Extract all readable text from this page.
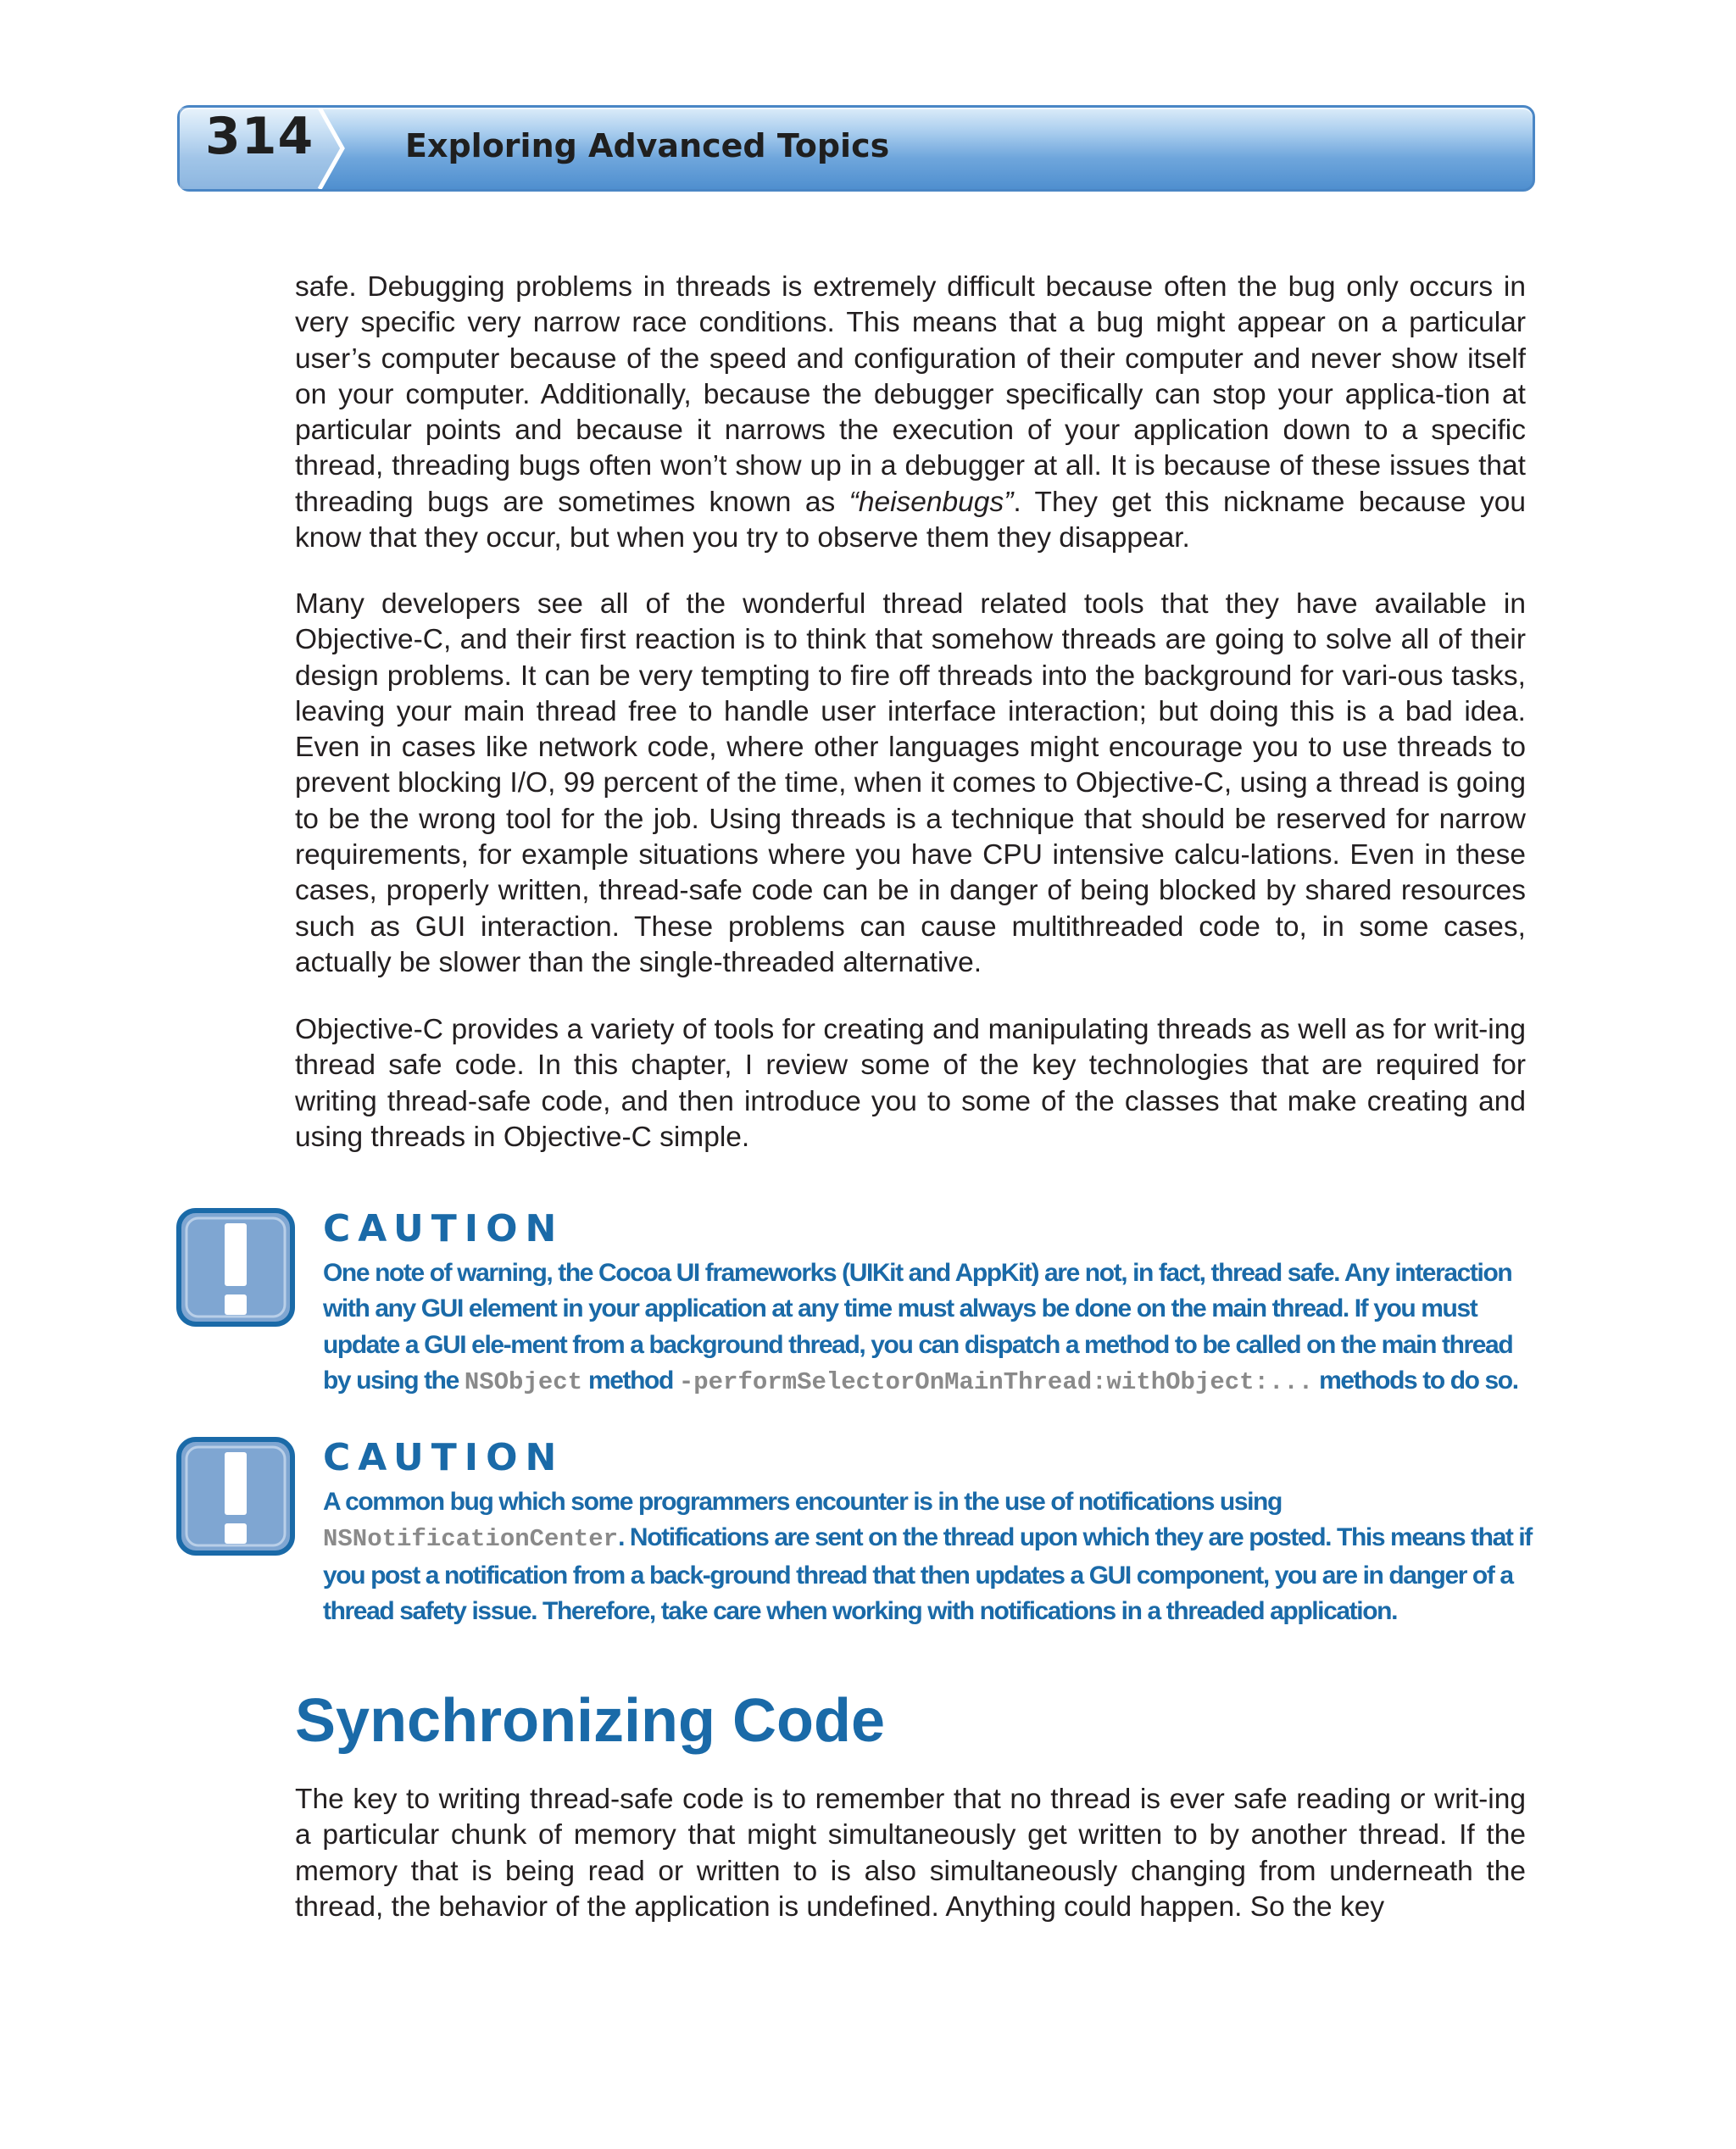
314	Exploring Advanced Topics

safe. Debugging problems in threads is extremely difficult because often the bug only occurs in very specific very narrow race conditions. This means that a bug might appear on a particular user’s computer because of the speed and configuration of their computer and never show itself on your computer. Additionally, because the debugger specifically can stop your applica-tion at particular points and because it narrows the execution of your application down to a specific thread, threading bugs often won’t show up in a debugger at all. It is because of these issues that threading bugs are sometimes known as “heisenbugs”. They get this nickname because you know that they occur, but when you try to observe them they disappear.

Many developers see all of the wonderful thread related tools that they have available in Objective-C, and their first reaction is to think that somehow threads are going to solve all of their design problems. It can be very tempting to fire off threads into the background for vari-ous tasks, leaving your main thread free to handle user interface interaction; but doing this is a bad idea. Even in cases like network code, where other languages might encourage you to use threads to prevent blocking I/O, 99 percent of the time, when it comes to Objective-C, using a thread is going to be the wrong tool for the job. Using threads is a technique that should be reserved for narrow requirements, for example situations where you have CPU intensive calcu-lations. Even in these cases, properly written, thread-safe code can be in danger of being blocked by shared resources such as GUI interaction. These problems can cause multithreaded code to, in some cases, actually be slower than the single-threaded alternative.

Objective-C provides a variety of tools for creating and manipulating threads as well as for writ-ing thread safe code. In this chapter, I review some of the key technologies that are required for writing thread-safe code, and then introduce you to some of the classes that make creating and using threads in Objective-C simple.

CAUTION

One note of warning, the Cocoa UI frameworks (UIKit and AppKit) are not, in fact, thread safe. Any interaction with any GUI element in your application at any time must always be done on the main thread. If you must update a GUI ele-ment from a background thread, you can dispatch a method to be called on the main thread by using the NSObject method -performSelectorOnMainThread:withObject:... methods to do so.

CAUTION

A common bug which some programmers encounter is in the use of notifications using NSNotificationCenter. Notifications are sent on the thread upon which they are posted. This means that if you post a notification from a back-ground thread that then updates a GUI component, you are in danger of a thread safety issue. Therefore, take care when working with notifications in a threaded application.

Synchronizing Code

The key to writing thread-safe code is to remember that no thread is ever safe reading or writ-ing a particular chunk of memory that might simultaneously get written to by another thread. If the memory that is being read or written to is also simultaneously changing from underneath the thread, the behavior of the application is undefined. Anything could happen. So the key
